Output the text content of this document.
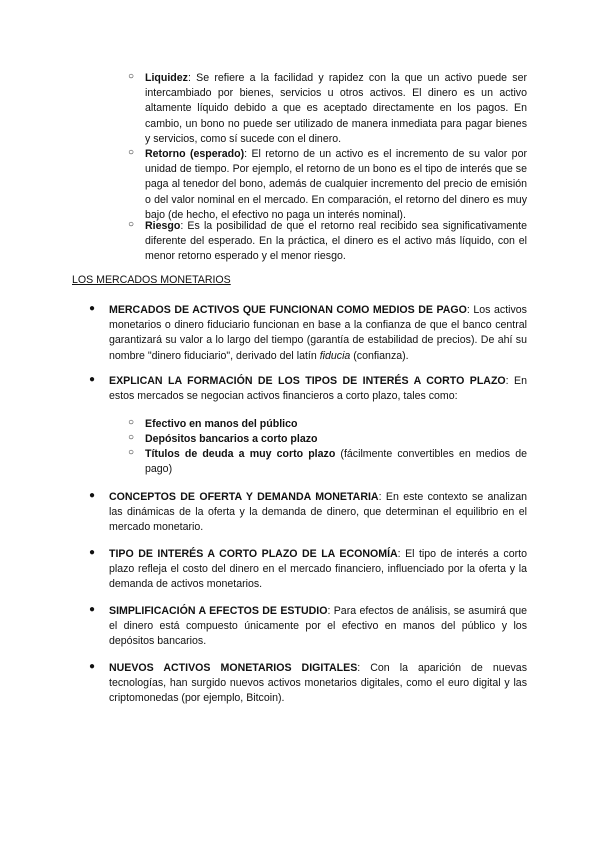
○ Liquidez: Se refiere a la facilidad y rapidez con la que un activo puede ser intercambiado por bienes, servicios u otros activos. El dinero es un activo altamente líquido debido a que es aceptado directamente en los pagos. En cambio, un bono no puede ser utilizado de manera inmediata para pagar bienes y servicios, como sí sucede con el dinero.

○ Retorno (esperado): El retorno de un activo es el incremento de su valor por unidad de tiempo. Por ejemplo, el retorno de un bono es el tipo de interés que se paga al tenedor del bono, además de cualquier incremento del precio de emisión o del valor nominal en el mercado. En comparación, el retorno del dinero es muy bajo (de hecho, el efectivo no paga un interés nominal).

○ Riesgo: Es la posibilidad de que el retorno real recibido sea significativamente diferente del esperado. En la práctica, el dinero es el activo más líquido, con el menor retorno esperado y el menor riesgo.

LOS MERCADOS MONETARIOS

● MERCADOS DE ACTIVOS QUE FUNCIONAN COMO MEDIOS DE PAGO: Los activos monetarios o dinero fiduciario funcionan en base a la confianza de que el banco central garantizará su valor a lo largo del tiempo (garantía de estabilidad de precios). De ahí su nombre "dinero fiduciario", derivado del latín fiducia (confianza).

● EXPLICAN LA FORMACIÓN DE LOS TIPOS DE INTERÉS A CORTO PLAZO: En estos mercados se negocian activos financieros a corto plazo, tales como:

○ Efectivo en manos del público

○ Depósitos bancarios a corto plazo

○ Títulos de deuda a muy corto plazo (fácilmente convertibles en medios de pago)

● CONCEPTOS DE OFERTA Y DEMANDA MONETARIA: En este contexto se analizan las dinámicas de la oferta y la demanda de dinero, que determinan el equilibrio en el mercado monetario.

● TIPO DE INTERÉS A CORTO PLAZO DE LA ECONOMÍA: El tipo de interés a corto plazo refleja el costo del dinero en el mercado financiero, influenciado por la oferta y la demanda de activos monetarios.

● SIMPLIFICACIÓN A EFECTOS DE ESTUDIO: Para efectos de análisis, se asumirá que el dinero está compuesto únicamente por el efectivo en manos del público y los depósitos bancarios.

● NUEVOS ACTIVOS MONETARIOS DIGITALES: Con la aparición de nuevas tecnologías, han surgido nuevos activos monetarios digitales, como el euro digital y las criptomonedas (por ejemplo, Bitcoin).
